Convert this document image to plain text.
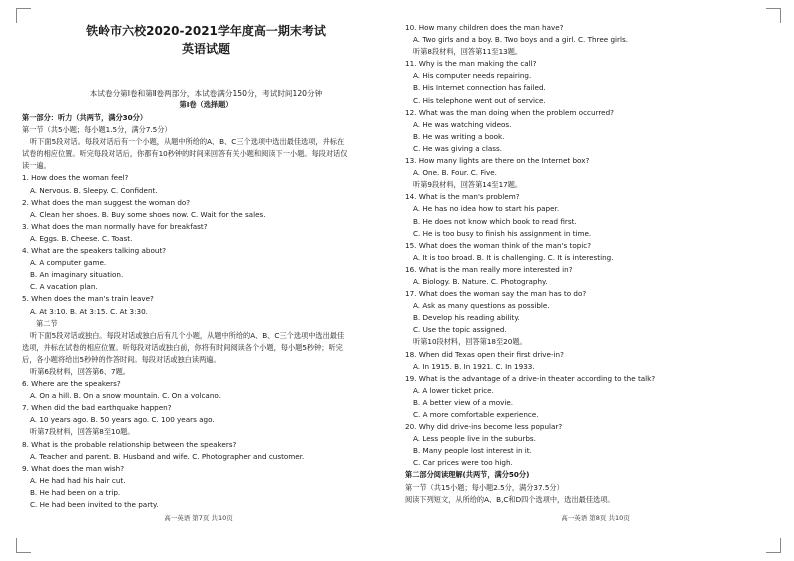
铁岭市六校2020-2021学年度高一期末考试
英语试题
本试卷分第Ⅰ卷和第Ⅱ卷两部分，本试卷满分150分，考试时间120分钟
第Ⅰ卷（选择题）
第一部分：听力（共两节，满分30分）
第一节（共5小题；每小题1.5分，满分7.5分）
听下面5段对话。每段对话后有一个小题，从题中所给的A、B、C三个选项中选出最佳选项，并标在
试卷的相应位置。听完每段对话后，你都有10秒钟的时间来回答有关小题和阅读下一小题。每段对话仅
读一遍。
1. How does the woman feel?
A. Nervous. B. Sleepy. C. Confident.
2. What does the man suggest the woman do?
A. Clean her shoes. B. Buy some shoes now. C. Wait for the sales.
3. What does the man normally have for breakfast?
A. Eggs. B. Cheese. C. Toast.
4. What are the speakers talking about?
A. A computer game.
B. An imaginary situation.
C. A vacation plan.
5. When does the man's train leave?
A. At 3:10. B. At 3:15. C. At 3:30.
第二节
听下面5段对话或独白。每段对话或独白后有几个小题，从题中所给的A、B、C三个选项中选出最佳
选项，并标在试卷的相应位置。听每段对话或独白前，你将有时间阅读各个小题，每小题5秒钟；听完
后，各小题将给出5秒钟的作答时间。每段对话或独白读两遍。
听第6段材料，回答第6、7题。
6. Where are the speakers?
A. On a hill. B. On a snow mountain. C. On a volcano.
7. When did the bad earthquake happen?
A. 10 years ago. B. 50 years ago. C. 100 years ago.
听第7段材料，回答第8至10题。
8. What is the probable relationship between the speakers?
A. Teacher and parent. B. Husband and wife. C. Photographer and customer.
9. What does the man wish?
A. He had had his hair cut.
B. He had been on a trip.
C. He had been invited to the party.
高一英语 第7页 共10页
10. How many children does the man have?
A. Two girls and a boy. B. Two boys and a girl. C. Three girls.
听第8段材料，回答第11至13题。
11. Why is the man making the call?
A. His computer needs repairing.
B. His Internet connection has failed.
C. His telephone went out of service.
12. What was the man doing when the problem occurred?
A. He was watching videos.
B. He was writing a book.
C. He was giving a class.
13. How many lights are there on the Internet box?
A. One. B. Four. C. Five.
听第9段材料，回答第14至17题。
14. What is the man's problem?
A. He has no idea how to start his paper.
B. He does not know which book to read first.
C. He is too busy to finish his assignment in time.
15. What does the woman think of the man's topic?
A. It is too broad. B. It is challenging. C. It is interesting.
16. What is the man really more interested in?
A. Biology. B. Nature. C. Photography.
17. What does the woman say the man has to do?
A. Ask as many questions as possible.
B. Develop his reading ability.
C. Use the topic assigned.
听第10段材料，回答第18至20题。
18. When did Texas open their first drive-in?
A. In 1915. B. In 1921. C. In 1933.
19. What is the advantage of a drive-in theater according to the talk?
A. A lower ticket price.
B. A better view of a movie.
C. A more comfortable experience.
20. Why did drive-ins become less popular?
A. Less people live in the suburbs.
B. Many people lost interest in it.
C. Car prices were too high.
第二部分阅读理解(共两节，满分50分)
第一节（共15小题；每小题2.5分，满分37.5分）
阅读下列短文，从所给的A、B,C和D四个选项中，选出最佳选项。
高一英语 第8页 共10页
